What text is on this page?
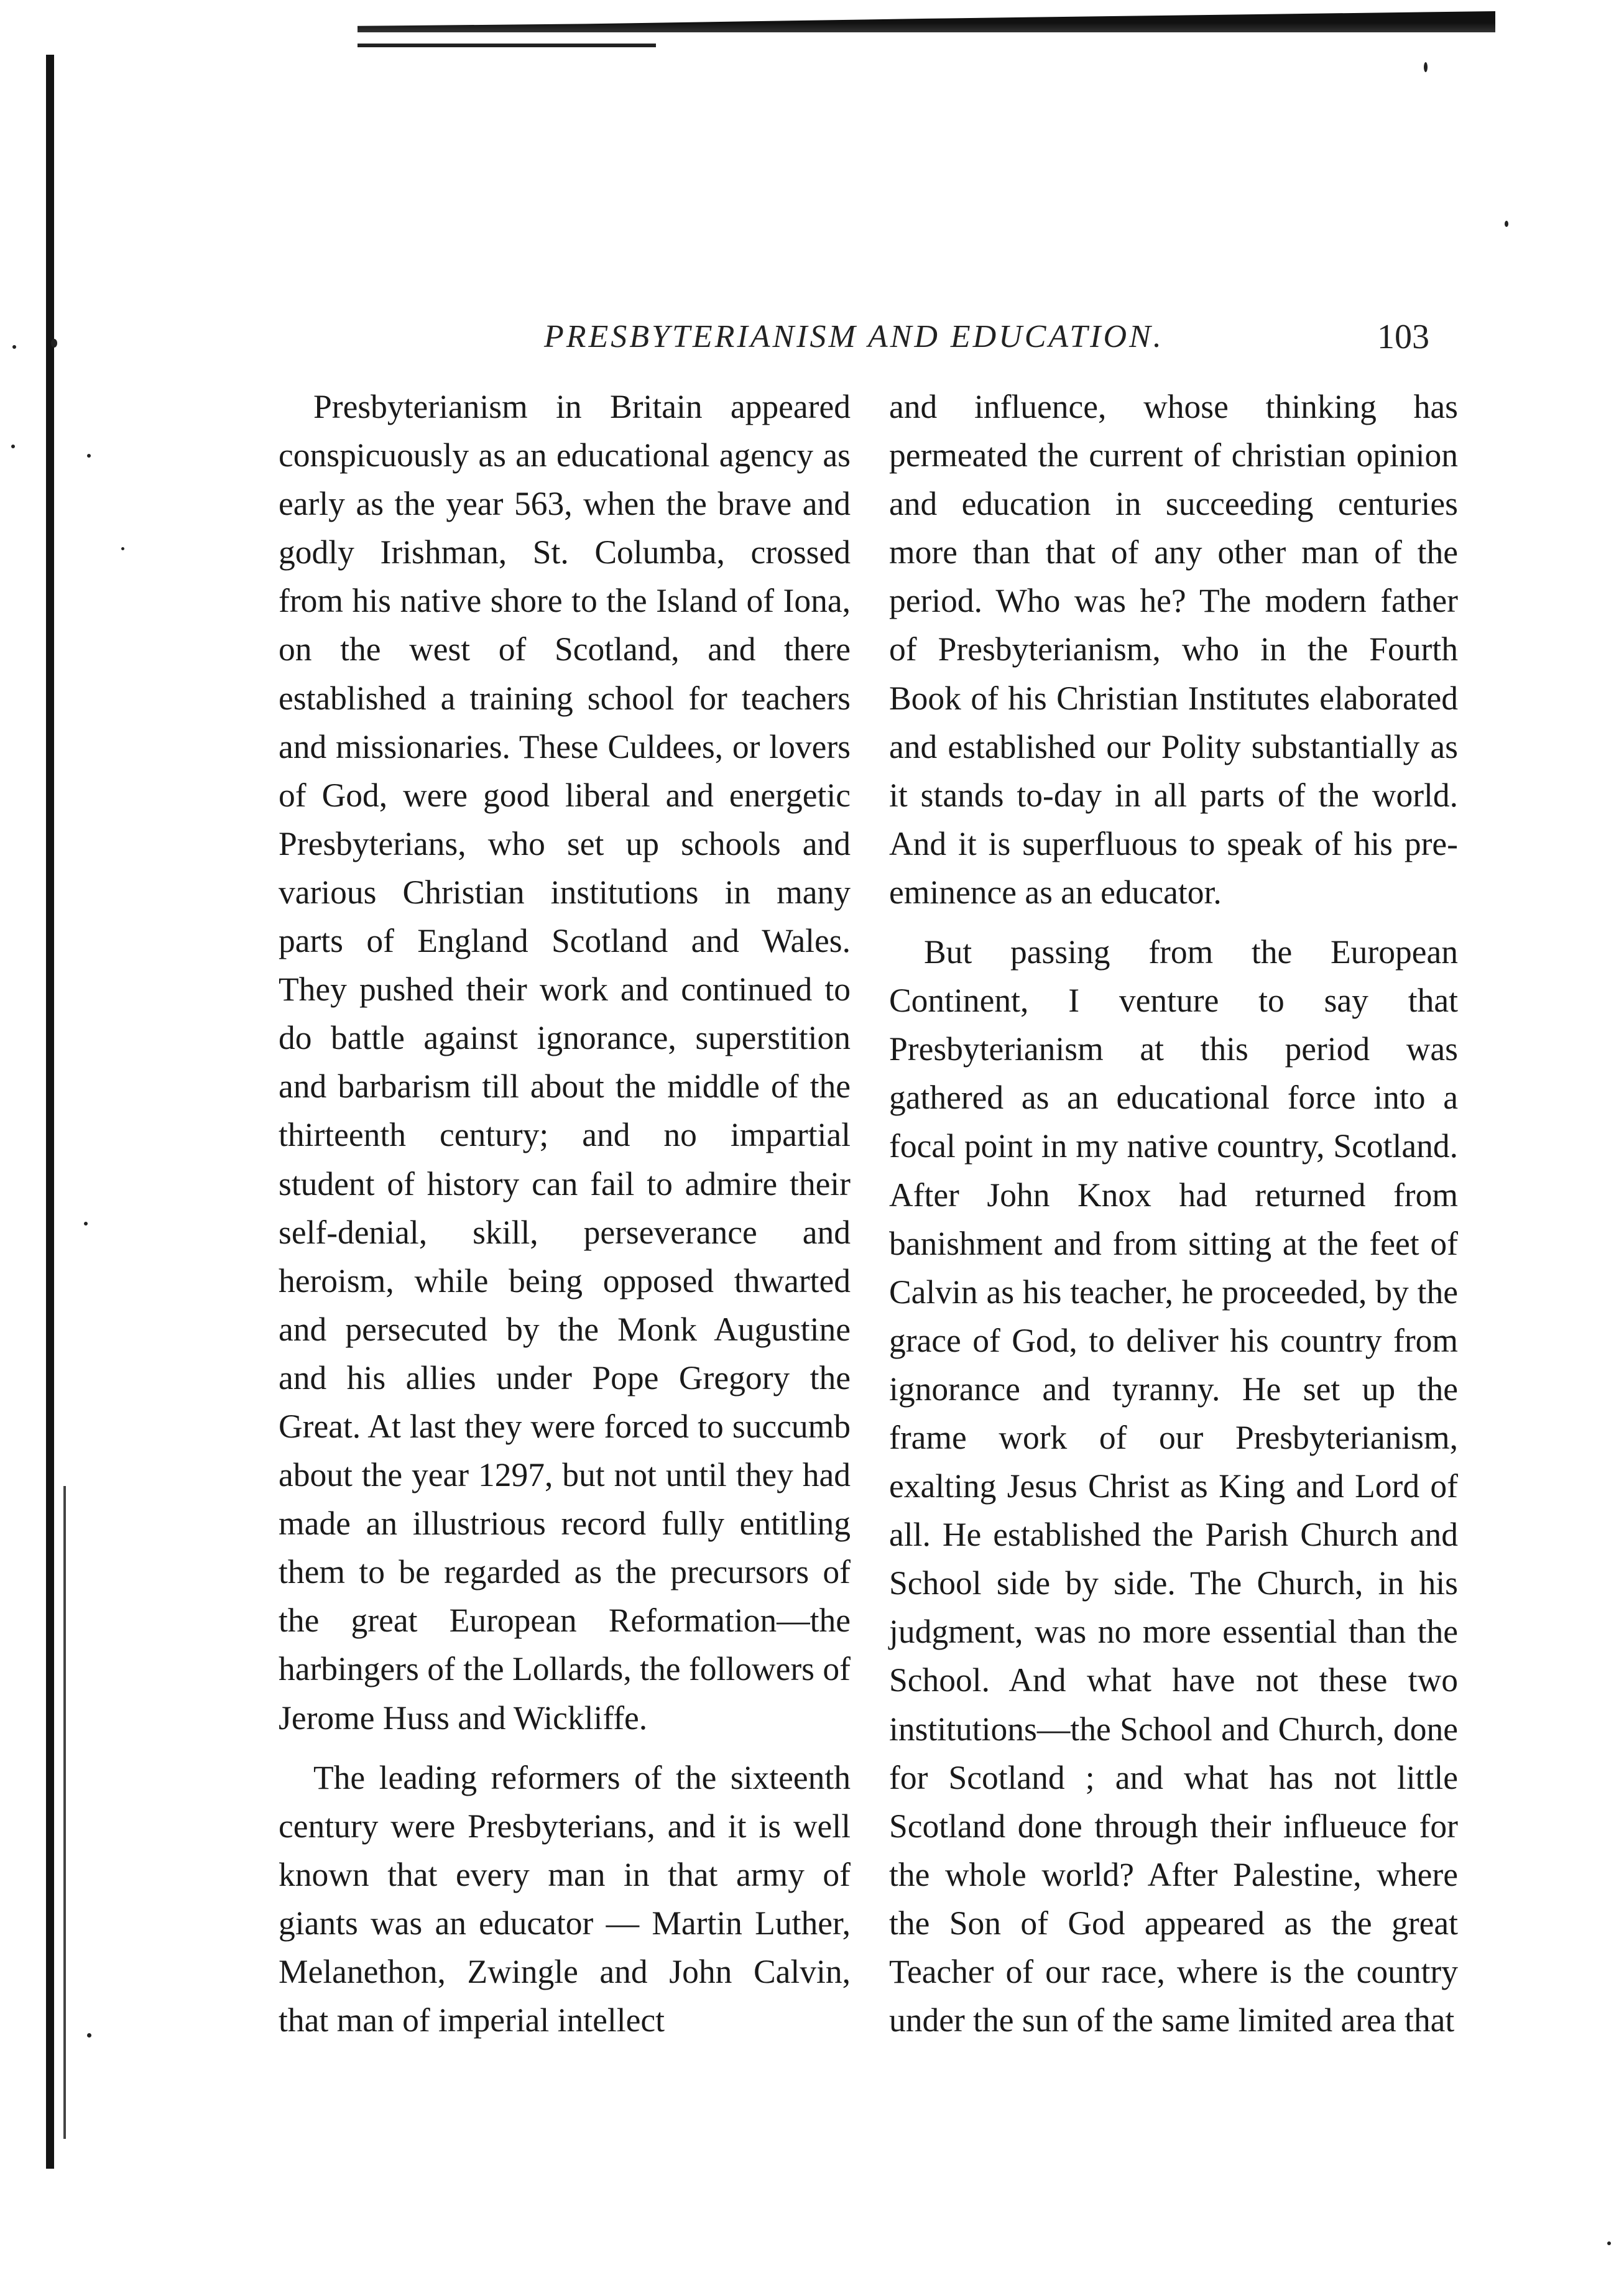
PRESBYTERIANISM AND EDUCATION.	103

Presbyterianism in Britain appeared conspicuously as an educational agency as early as the year 563, when the brave and godly Irishman, St. Columba, crossed from his native shore to the Island of Iona, on the west of Scotland, and there established a training school for teachers and missionaries. These Culdees, or lovers of God, were good liberal and energetic Presbyterians, who set up schools and various Christian institutions in many parts of England Scotland and Wales. They pushed their work and continued to do battle against ignorance, superstition and barbarism till about the middle of the thirteenth century; and no impartial student of history can fail to admire their self-denial, skill, perseverance and heroism, while being opposed thwarted and persecuted by the Monk Augustine and his allies under Pope Gregory the Great. At last they were forced to succumb about the year 1297, but not until they had made an illustrious record fully entitling them to be regarded as the precursors of the great European Reformation—the harbingers of the Lollards, the followers of Jerome Huss and Wickliffe.

The leading reformers of the sixteenth century were Presbyterians, and it is well known that every man in that army of giants was an educator — Martin Luther, Melanethon, Zwingle and John Calvin, that man of imperial intellect

and influence, whose thinking has permeated the current of christian opinion and education in succeeding centuries more than that of any other man of the period. Who was he? The modern father of Presbyterianism, who in the Fourth Book of his Christian Institutes elaborated and established our Polity substantially as it stands to-day in all parts of the world. And it is superfluous to speak of his pre-eminence as an educator.

But passing from the European Continent, I venture to say that Presbyterianism at this period was gathered as an educational force into a focal point in my native country, Scotland. After John Knox had returned from banishment and from sitting at the feet of Calvin as his teacher, he proceeded, by the grace of God, to deliver his country from ignorance and tyranny. He set up the frame work of our Presbyterianism, exalting Jesus Christ as King and Lord of all. He established the Parish Church and School side by side. The Church, in his judgment, was no more essential than the School. And what have not these two institutions—the School and Church, done for Scotland ; and what has not little Scotland done through their influeuce for the whole world? After Palestine, where the Son of God appeared as the great Teacher of our race, where is the country under the sun of the same limited area that
